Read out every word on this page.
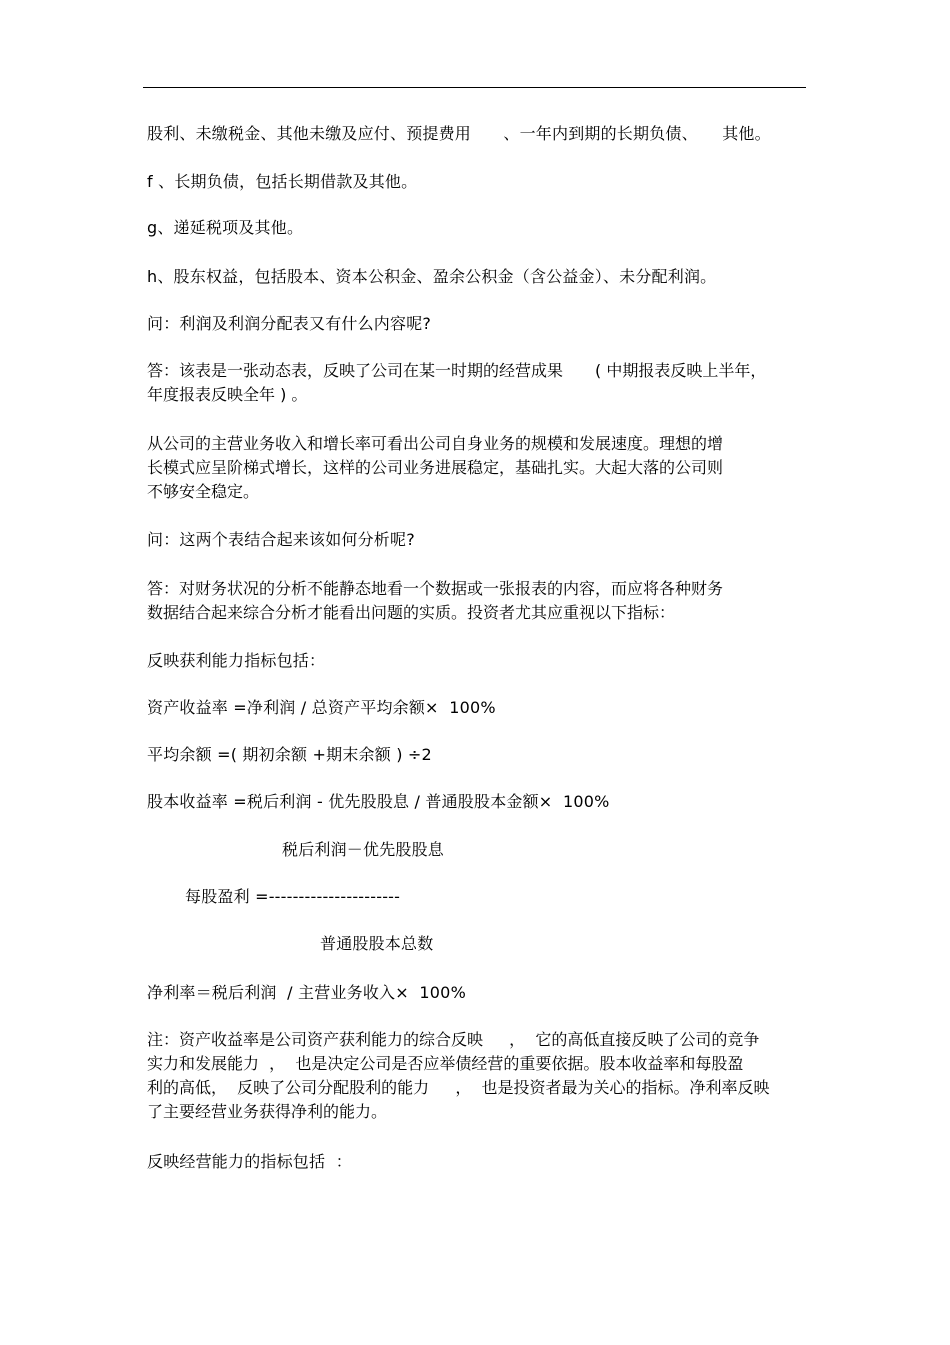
股利、未缴税金、其他未缴及应付、预提费用　　、一年内到期的长期负债、　　其他。
f 、长期负债，包括长期借款及其他。
g、递延税项及其他。
h、股东权益，包括股本、资本公积金、盈余公积金（含公益金）、未分配利润。
问：利润及利润分配表又有什么内容呢?
答：该表是一张动态表，反映了公司在某一时期的经营成果　　( 中期报表反映上半年，
年度报表反映全年 ) 。
从公司的主营业务收入和增长率可看出公司自身业务的规模和发展速度。理想的增
长模式应呈阶梯式增长，这样的公司业务进展稳定，基础扎实。大起大落的公司则
不够安全稳定。
问：这两个表结合起来该如何分析呢?
答：对财务状况的分析不能静态地看一个数据或一张报表的内容，而应将各种财务
数据结合起来综合分析才能看出问题的实质。投资者尤其应重视以下指标：
反映获利能力指标包括：
资产收益率 =净利润 / 总资产平均余额×  100%
平均余额 =( 期初余额 +期末余额 ) ÷2
股本收益率 =税后利润 - 优先股股息 / 普通股股本金额×  100%
税后利润－优先股股息
每股盈利 =----------------------
普通股股本总数
净利率＝税后利润  / 主营业务收入×  100%
注：资产收益率是公司资产获利能力的综合反映　  ，  它的高低直接反映了公司的竞争
实力和发展能力  ，  也是决定公司是否应举债经营的重要依据。股本收益率和每股盈
利的高低，  反映了公司分配股利的能力　  ，  也是投资者最为关心的指标。净利率反映
了主要经营业务获得净利的能力。
反映经营能力的指标包括  ：
